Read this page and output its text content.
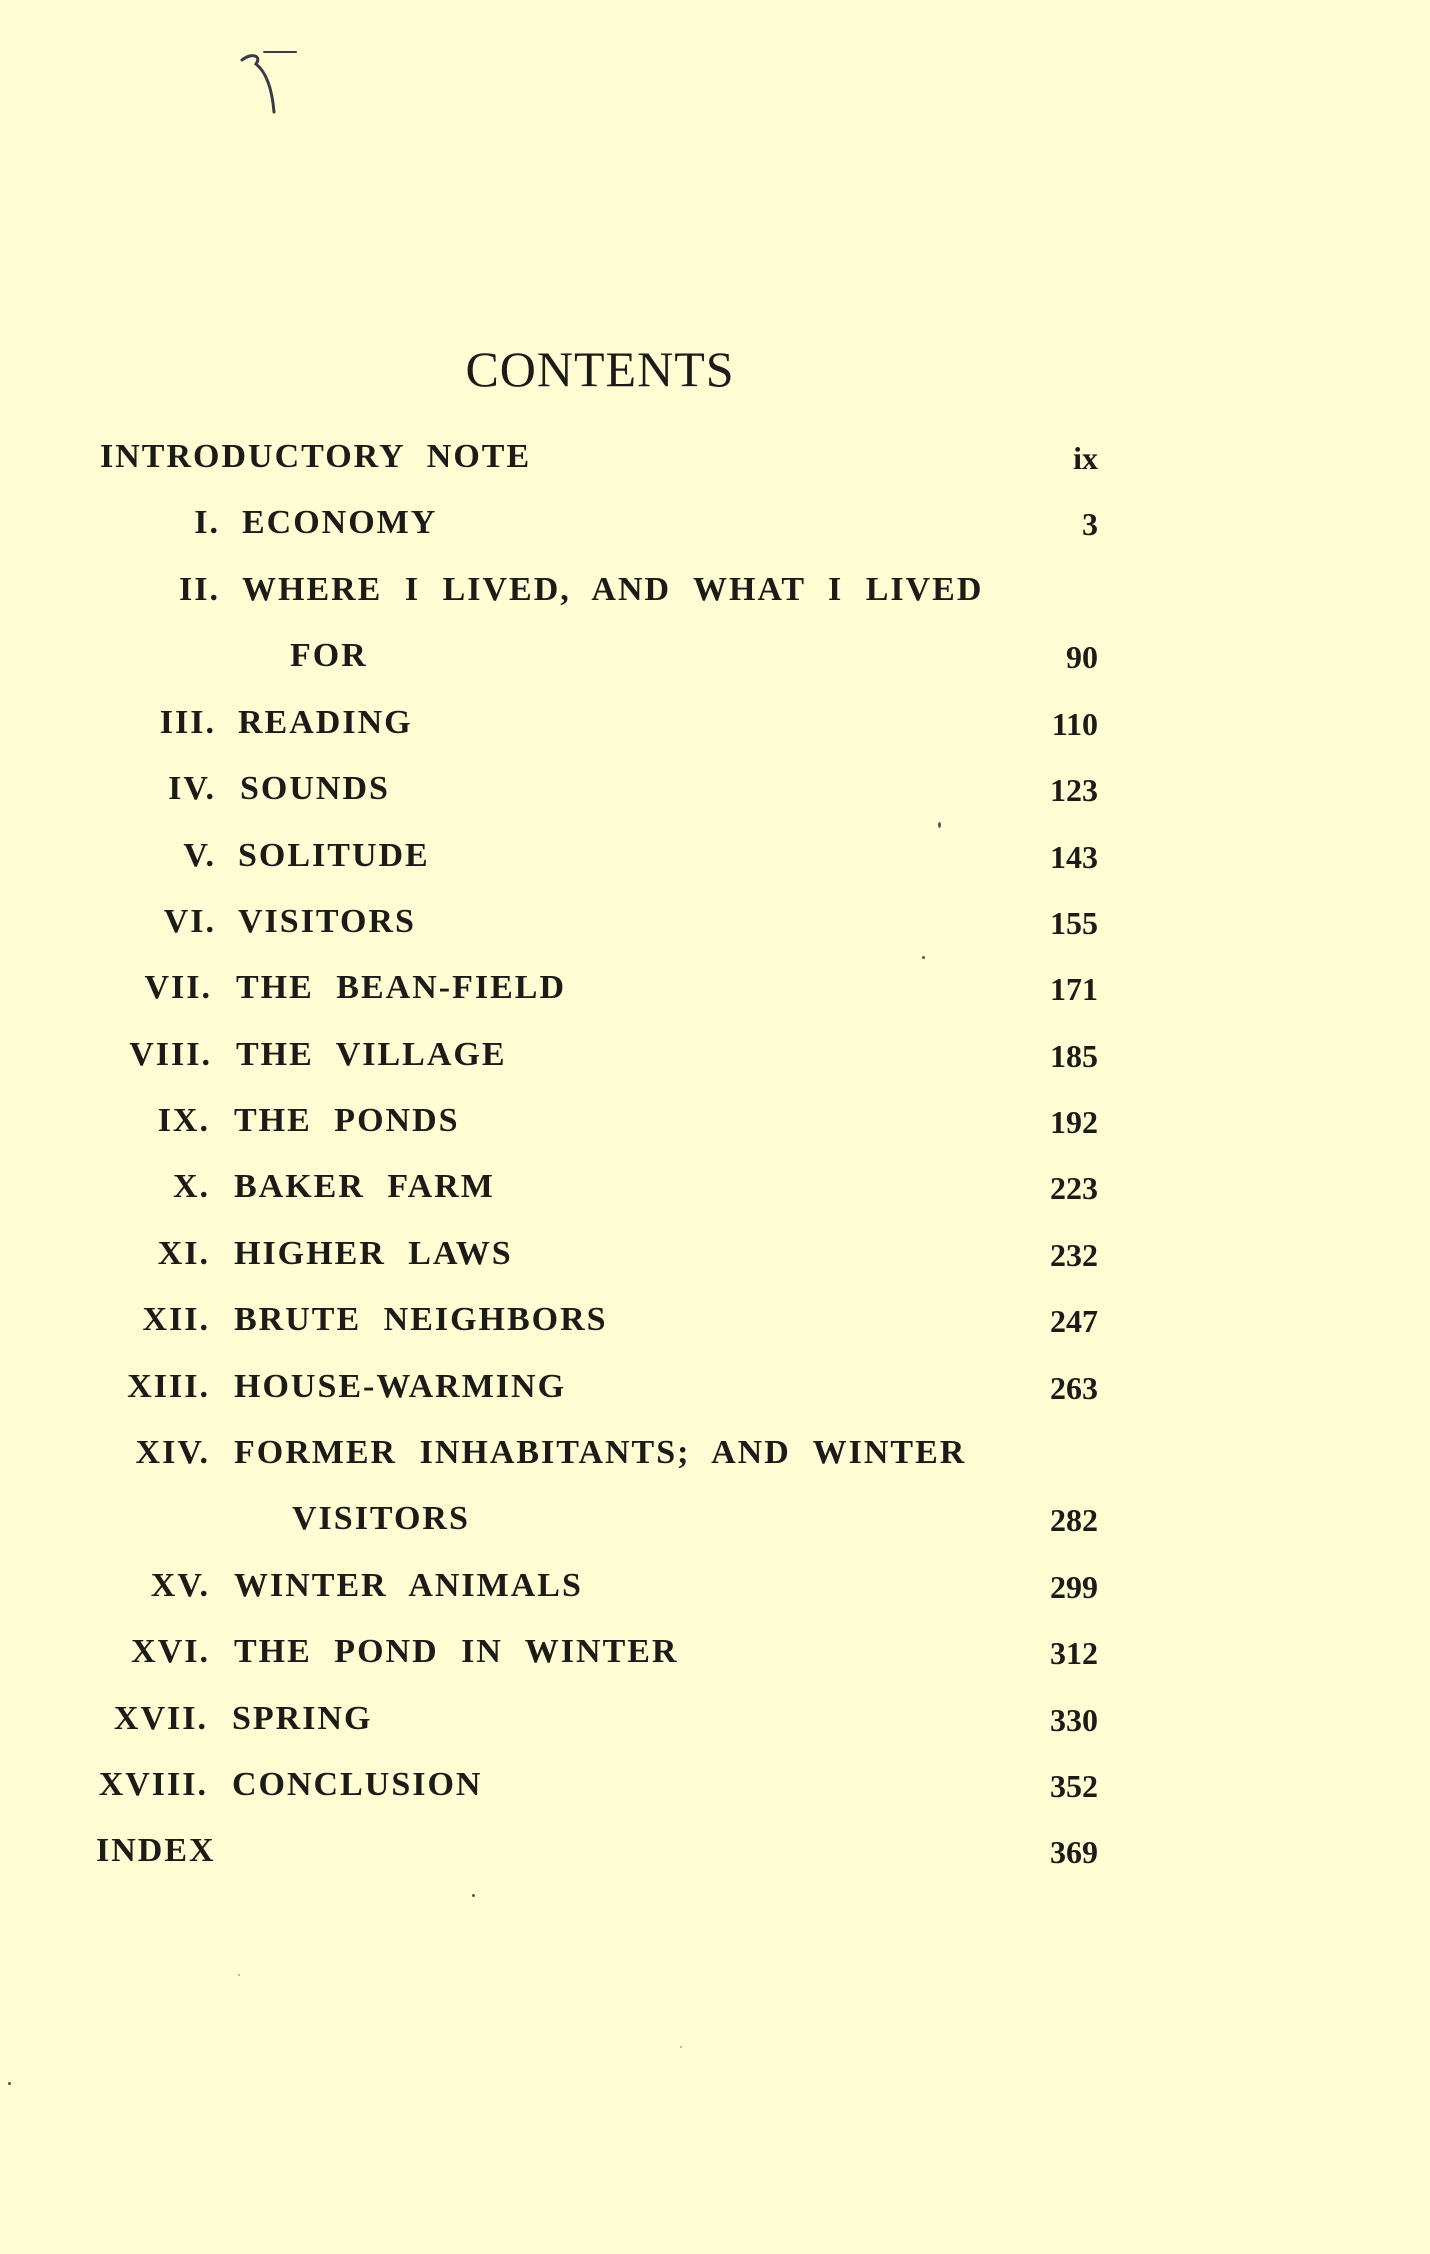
CONTENTS
INTRODUCTORY NOTE	ix
I. ECONOMY	3
II. WHERE I LIVED, AND WHAT I LIVED
FOR	90
III. READING	110
IV. SOUNDS	123
V. SOLITUDE	143
VI. VISITORS	155
VII. THE BEAN-FIELD	171
VIII. THE VILLAGE	185
IX. THE PONDS	192
X. BAKER FARM	223
XI. HIGHER LAWS	232
XII. BRUTE NEIGHBORS	247
XIII. HOUSE-WARMING	263
XIV. FORMER INHABITANTS; AND WINTER
VISITORS	282
XV. WINTER ANIMALS	299
XVI. THE POND IN WINTER	312
XVII. SPRING	330
XVIII. CONCLUSION	352
INDEX	369
